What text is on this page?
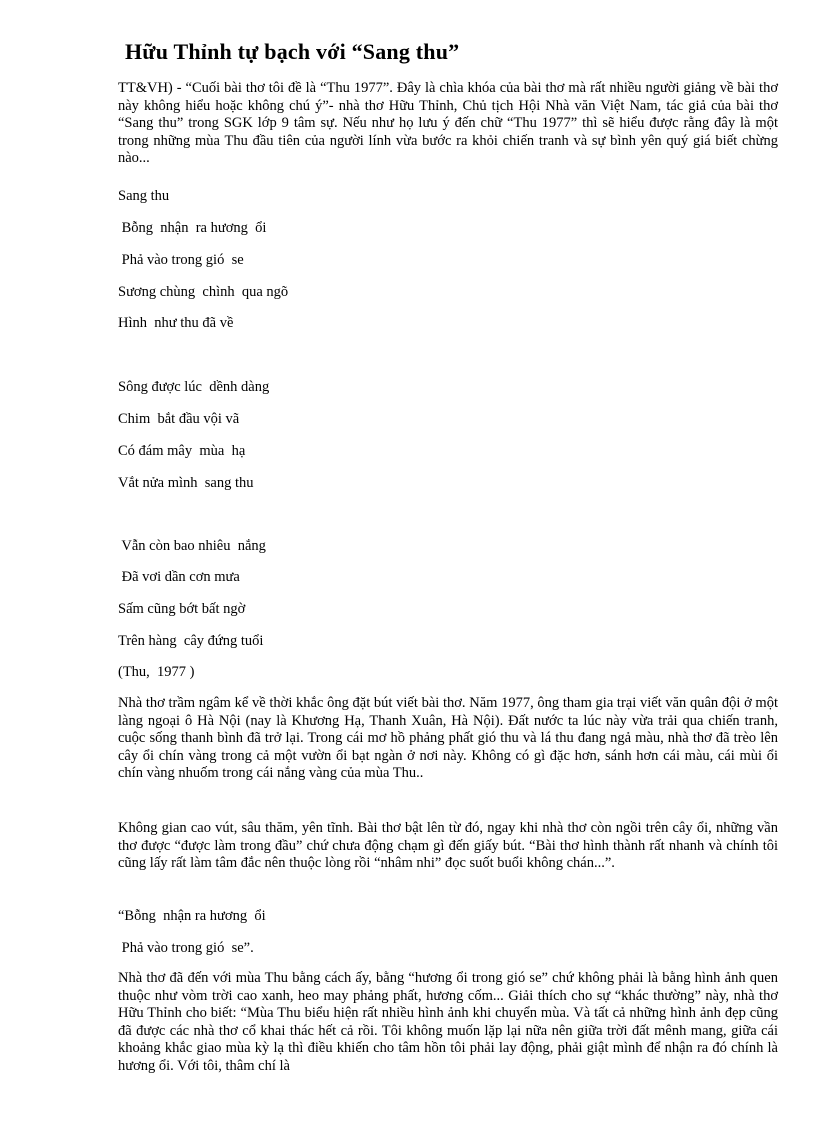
Hữu Thỉnh tự bạch với “Sang thu”

TT&VH) - “Cuối bài thơ tôi đề là “Thu 1977”. Đây là chìa khóa của bài thơ mà rất nhiều người giảng về bài thơ này không hiểu hoặc không chú ý”- nhà thơ Hữu Thỉnh, Chủ tịch Hội Nhà văn Việt Nam, tác giả của bài thơ “Sang thu” trong SGK lớp 9 tâm sự. Nếu như họ lưu ý đến chữ “Thu 1977” thì sẽ hiểu được rằng đây là một trong những mùa Thu đầu tiên của người lính vừa bước ra khỏi chiến tranh và sự bình yên quý giá biết chừng nào...

Sang thu

Bỗng  nhận  ra hương  ổi

Phả vào trong gió  se

Sương chùng  chình  qua ngõ

Hình  như thu đã về

Sông được lúc  dềnh dàng

Chim  bắt đầu vội vã

Có đám mây  mùa  hạ

Vắt nửa mình  sang thu

Vẫn còn bao nhiêu  nắng

Đã vơi dần cơn mưa

Sấm cũng bớt bất ngờ

Trên hàng  cây đứng tuổi

(Thu,  1977 )

Nhà thơ trầm ngâm kể về thời khắc ông đặt bút viết bài thơ. Năm 1977, ông tham gia trại viết văn quân đội ở một làng ngoại ô Hà Nội (nay là Khương Hạ, Thanh Xuân, Hà Nội). Đất nước ta lúc này vừa trải qua chiến tranh, cuộc sống thanh bình đã trở lại. Trong cái mơ hồ phảng phất gió thu và lá thu đang ngả màu, nhà thơ đã trèo lên cây ổi chín vàng trong cả một vườn ổi bạt ngàn ở nơi này. Không có gì đặc hơn, sánh hơn cái màu, cái mùi ổi chín vàng nhuốm trong cái nắng vàng của mùa Thu..

Không gian cao vút, sâu thăm, yên tĩnh. Bài thơ bật lên từ đó, ngay khi nhà thơ còn ngồi trên cây ổi, những vần thơ được “được làm trong đầu” chứ chưa động chạm gì đến giấy bút. “Bài thơ hình thành rất nhanh và chính tôi cũng lấy rất làm tâm đắc nên thuộc lòng rồi “nhâm nhi” đọc suốt buổi không chán...”.

“Bỗng  nhận ra hương  ổi

Phả vào trong gió  se”.

Nhà thơ đã đến với mùa Thu bằng cách ấy, bằng “hương ổi trong gió se” chứ không phải là bằng hình ảnh quen thuộc như vòm trời cao xanh, heo may phảng phất, hương cốm... Giải thích cho sự “khác thường” này, nhà thơ Hữu Thỉnh cho biết: “Mùa Thu biểu hiện rất nhiều hình ảnh khi chuyển mùa. Và tất cả những hình ảnh đẹp cũng đã được các nhà thơ cổ khai thác hết cả rồi. Tôi không muốn lặp lại nữa nên giữa trời đất mênh mang, giữa cái khoảng khắc giao mùa kỳ lạ thì điều khiến cho tâm hồn tôi phải lay động, phải giật mình để nhận ra đó chính là hương ổi. Với tôi, thâm chí là
